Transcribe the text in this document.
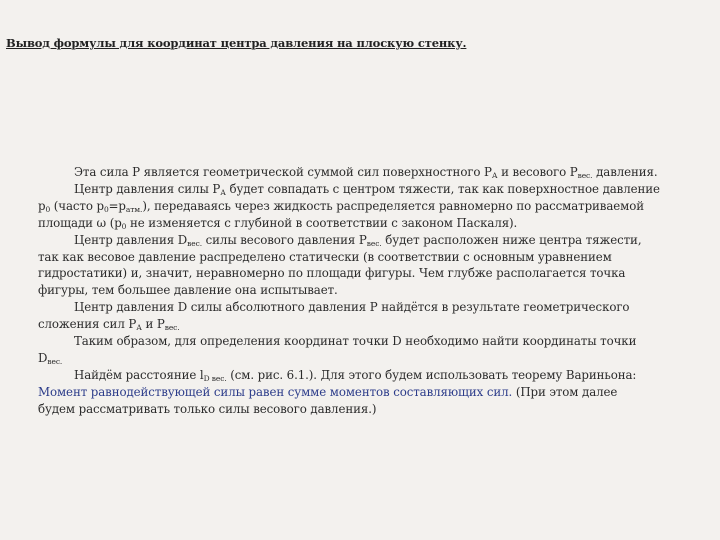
Вывод формулы для координат центра давления на плоскую стенку.
Эта сила Р является геометрической суммой сил поверхностного $Р_А$ и весового $Р_{вес.}$ давления.
Центр давления силы $Р_А$ будет совпадать с центром тяжести, так как поверхностное давление
$р_0$ (часто $р_0=р_{атм.}$), передаваясь через жидкость распределяется равномерно по рассматриваемой
площади ω ($р_0$ не изменяется с глубиной в соответствии с законом Паскаля).
Центр давления $D_{вес.}$ силы весового давления $Р_{вес.}$ будет расположен ниже центра тяжести,
так как весовое давление распределено статически (в соответствии с основным уравнением
гидростатики) и, значит, неравномерно по площади фигуры. Чем глубже располагается точка
фигуры, тем большее давление она испытывает.
Центр давления D силы абсолютного давления Р найдётся в результате геометрического
сложения сил $Р_А$ и $Р_{вес.}$
Таким образом, для определения координат точки D необходимо найти координаты точки
$D_{вес.}$
Найдём расстояние $l_{D вес.}$ (см. рис. 6.1.). Для этого будем использовать теорему Вариньона:
Момент равнодействующей силы равен сумме моментов составляющих сил. (При этом далее
будем рассматривать только силы весового давления.)
